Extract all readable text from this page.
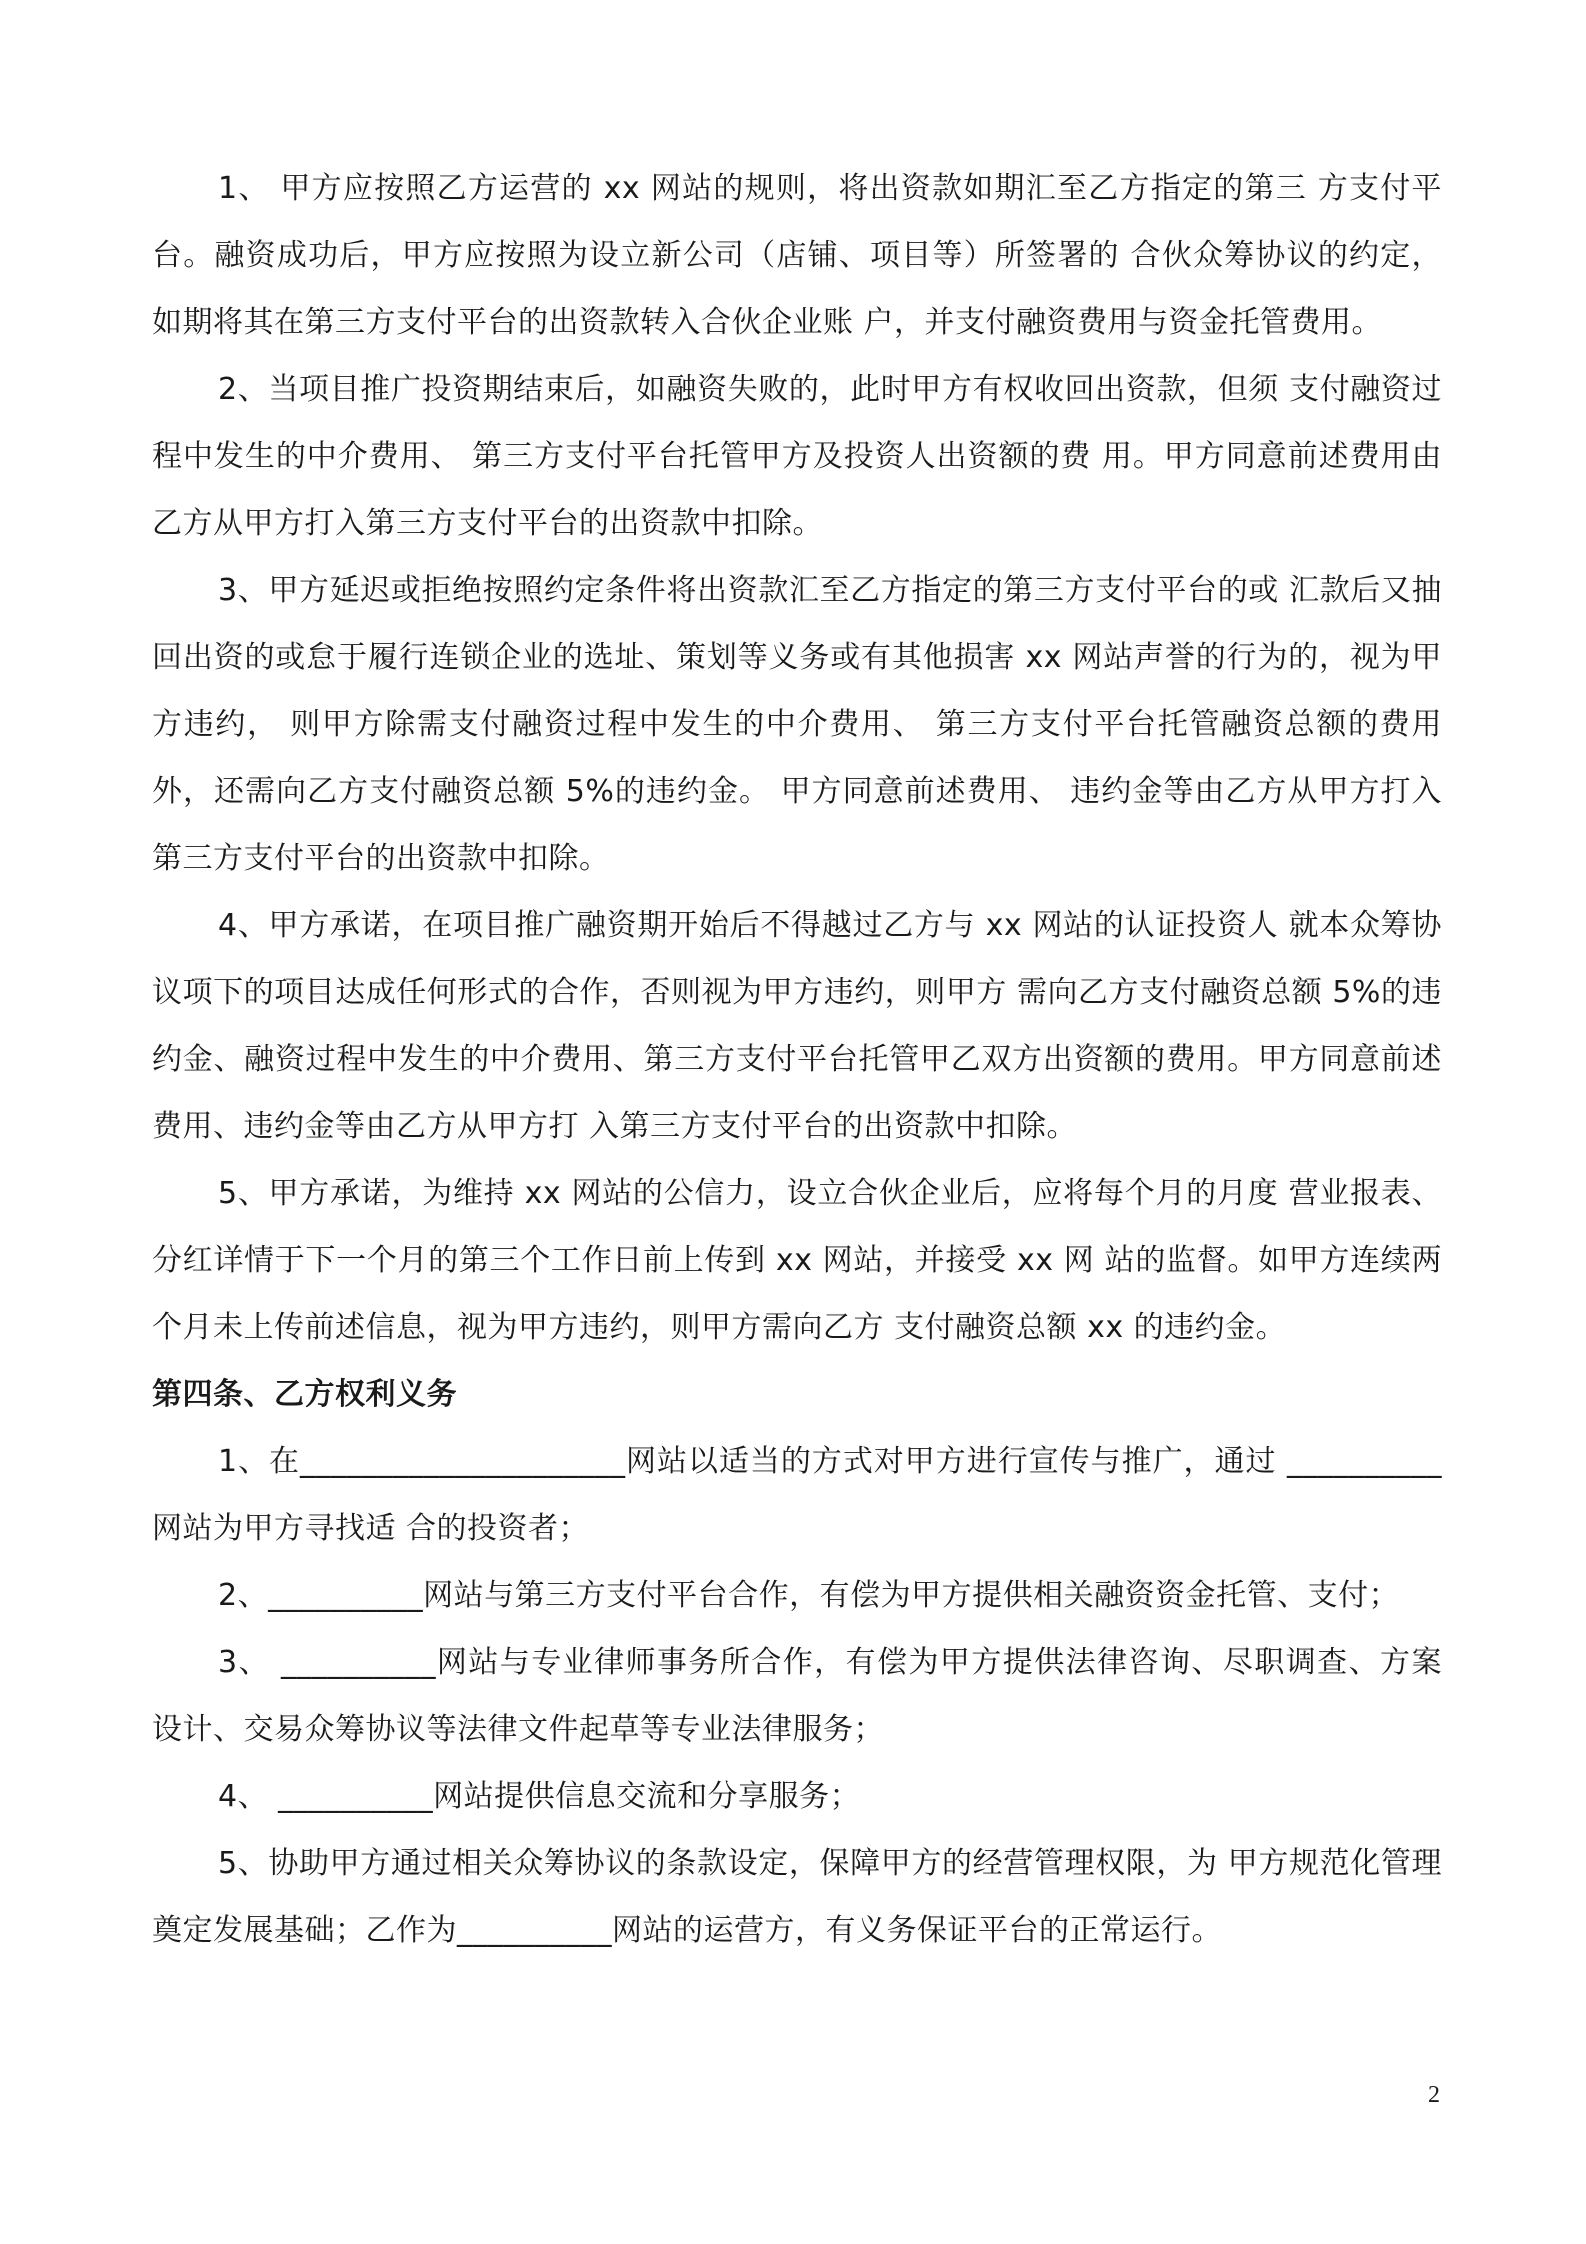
1、 甲方应按照乙方运营的 xx 网站的规则，将出资款如期汇至乙方指定的第三 方支付平台。融资成功后，甲方应按照为设立新公司（店铺、项目等）所签署的 合伙众筹协议的约定， 如期将其在第三方支付平台的出资款转入合伙企业账 户，并支付融资费用与资金托管费用。

2、当项目推广投资期结束后，如融资失败的，此时甲方有权收回出资款，但须 支付融资过程中发生的中介费用、 第三方支付平台托管甲方及投资人出资额的费 用。甲方同意前述费用由乙方从甲方打入第三方支付平台的出资款中扣除。

3、甲方延迟或拒绝按照约定条件将出资款汇至乙方指定的第三方支付平台的或 汇款后又抽回出资的或怠于履行连锁企业的选址、策划等义务或有其他损害 xx 网站声誉的行为的，视为甲方违约， 则甲方除需支付融资过程中发生的中介费用、 第三方支付平台托管融资总额的费用外，还需向乙方支付融资总额 5%的违约金。 甲方同意前述费用、 违约金等由乙方从甲方打入第三方支付平台的出资款中扣除。

4、甲方承诺，在项目推广融资期开始后不得越过乙方与 xx 网站的认证投资人 就本众筹协议项下的项目达成任何形式的合作，否则视为甲方违约，则甲方 需向乙方支付融资总额 5%的违约金、融资过程中发生的中介费用、第三方支付平台托管甲乙双方出资额的费用。甲方同意前述费用、违约金等由乙方从甲方打 入第三方支付平台的出资款中扣除。

5、甲方承诺，为维持 xx 网站的公信力，设立合伙企业后，应将每个月的月度 营业报表、分红详情于下一个月的第三个工作日前上传到 xx 网站，并接受 xx 网 站的监督。如甲方连续两个月未上传前述信息，视为甲方违约，则甲方需向乙方 支付融资总额 xx 的违约金。

第四条、乙方权利义务

1、在_____________________网站以适当的方式对甲方进行宣传与推广，通过 __________网站为甲方寻找适 合的投资者；

2、__________网站与第三方支付平台合作，有偿为甲方提供相关融资资金托管、支付；

3、 __________网站与专业律师事务所合作，有偿为甲方提供法律咨询、尽职调查、方案 设计、交易众筹协议等法律文件起草等专业法律服务；

4、 __________网站提供信息交流和分享服务；

5、协助甲方通过相关众筹协议的条款设定，保障甲方的经营管理权限，为 甲方规范化管理奠定发展基础；乙作为__________网站的运营方，有义务保证平台的正常运行。

2
